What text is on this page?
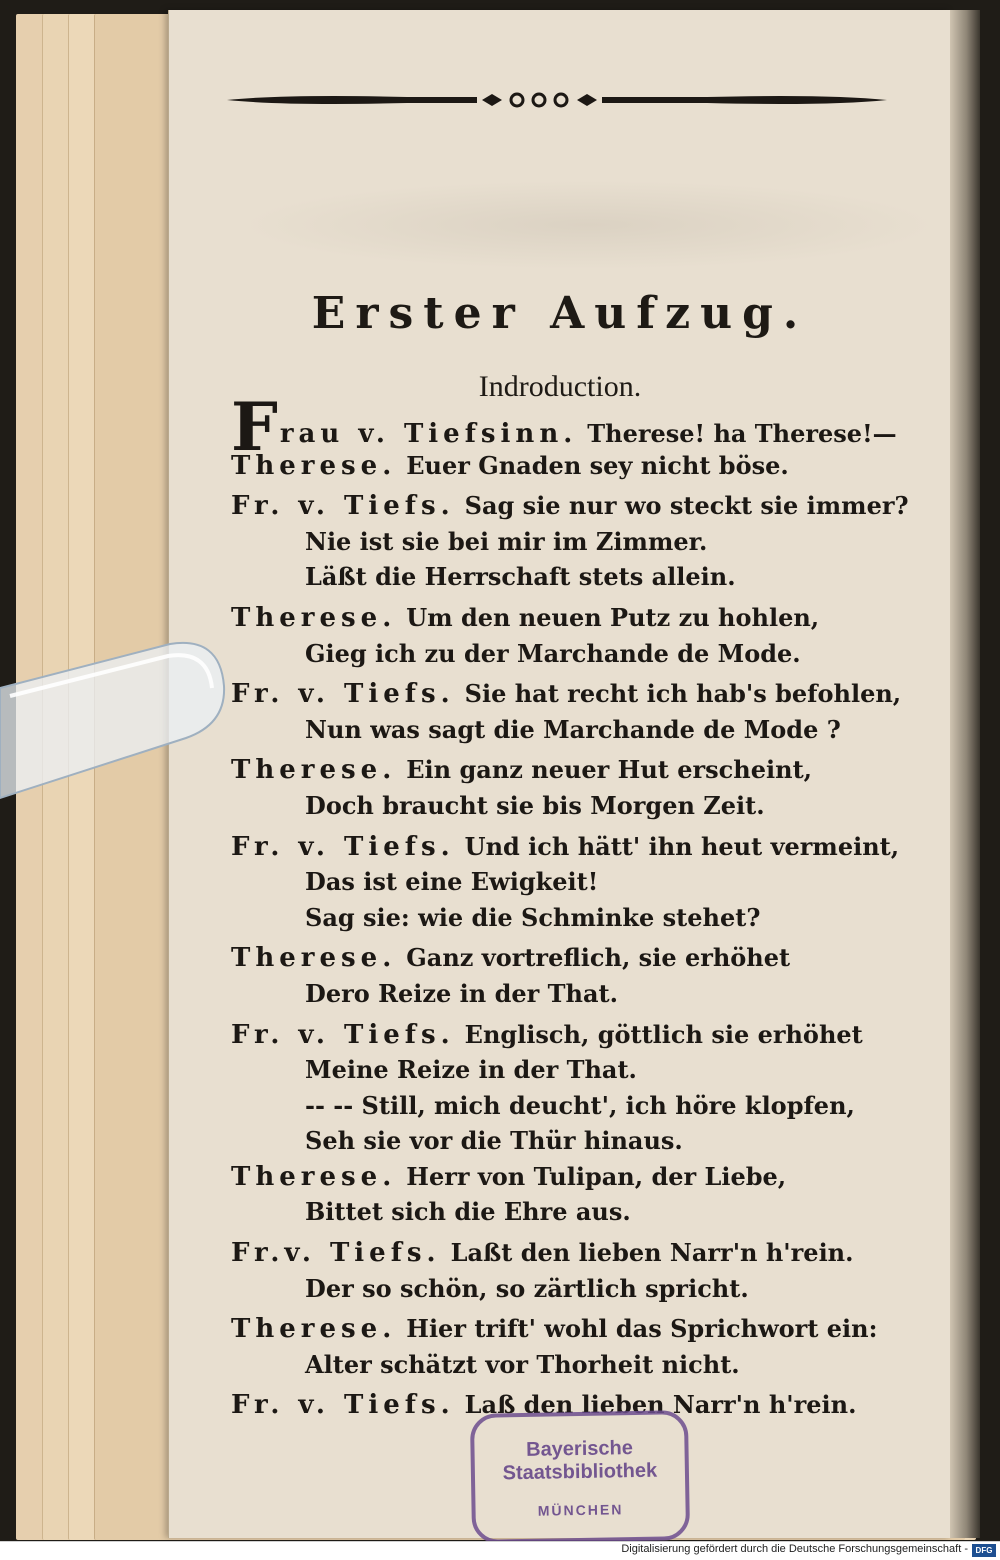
Erster Aufzug.
Indroduction.
Frau v. Tiefsinn. Therese! ha Therese!—
Therese. Euer Gnaden sey nicht böse.
Fr. v. Tiefs. Sag sie nur wo steckt sie immer?
Nie ist sie bei mir im Zimmer.
Läßt die Herrschaft stets allein.
Therese. Um den neuen Putz zu hohlen,
Gieg ich zu der Marchande de Mode.
Fr. v. Tiefs. Sie hat recht ich hab's befohlen,
Nun was sagt die Marchande de Mode ?
Therese. Ein ganz neuer Hut erscheint,
Doch braucht sie bis Morgen Zeit.
Fr. v. Tiefs. Und ich hätt' ihn heut vermeint,
Das ist eine Ewigkeit!
Sag sie: wie die Schminke stehet?
Therese. Ganz vortreflich, sie erhöhet
Dero Reize in der That.
Fr. v. Tiefs. Englisch, göttlich sie erhöhet
Meine Reize in der That.
-- -- Still, mich deucht', ich höre klopfen,
Seh sie vor die Thür hinaus.
Therese. Herr von Tulipan, der Liebe,
Bittet sich die Ehre aus.
Fr.v. Tiefs. Laßt den lieben Narr'n h'rein.
Der so schön, so zärtlich spricht.
Therese. Hier trift' wohl das Sprichwort ein:
Alter schätzt vor Thorheit nicht.
Fr. v. Tiefs. Laß den lieben Narr'n h'rein.
Bayerische
Staatsbibliothek
MÜNCHEN
Digitalisierung gefördert durch die Deutsche Forschungsgemeinschaft - DFG
